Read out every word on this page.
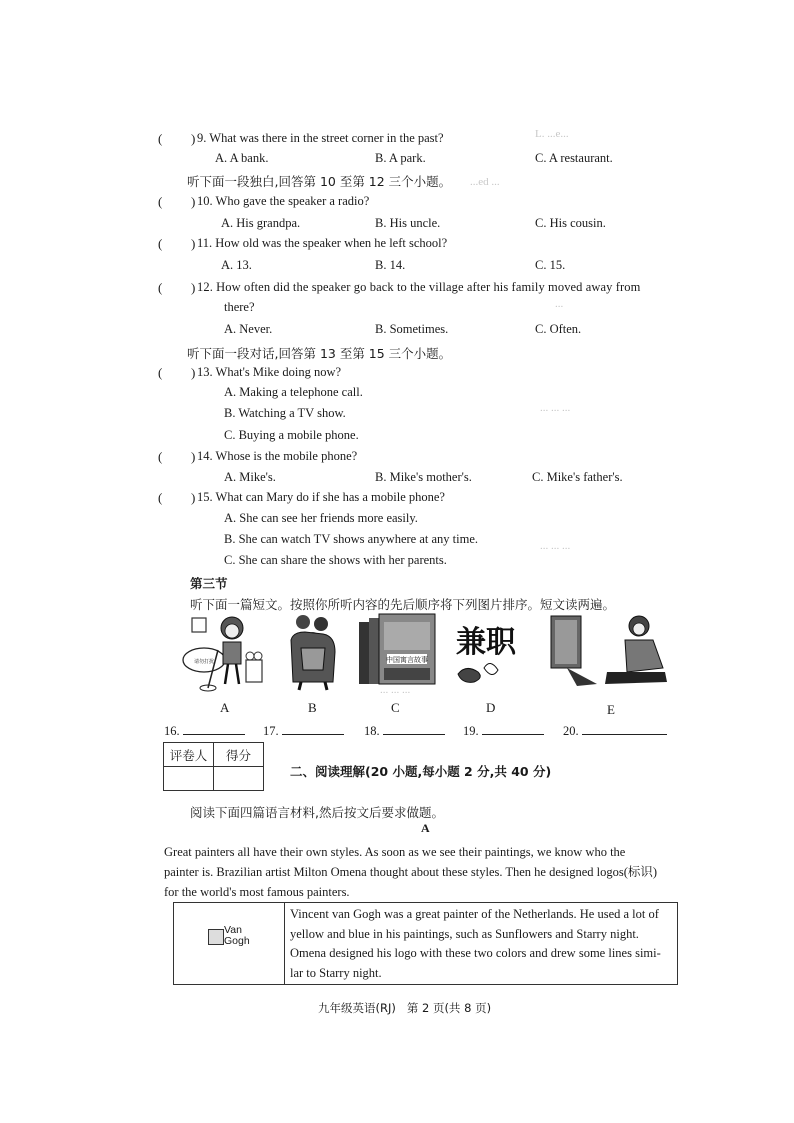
L. ...e...
...ed ...
...
... ... ...
... ... ...
... ... ...
( ) 9. What was there in the street corner in the past?
A. A bank.	B. A park.	C. A restaurant.
听下面一段独白,回答第 10 至第 12 三个小题。
( ) 10. Who gave the speaker a radio?
A. His grandpa.	B. His uncle.	C. His cousin.
( ) 11. How old was the speaker when he left school?
A. 13.	B. 14.	C. 15.
( ) 12. How often did the speaker go back to the village after his family moved away from
there?
A. Never.	B. Sometimes.	C. Often.
听下面一段对话,回答第 13 至第 15 三个小题。
( ) 13. What's Mike doing now?
A. Making a telephone call.
B. Watching a TV show.
C. Buying a mobile phone.
( ) 14. Whose is the mobile phone?
A. Mike's.	B. Mike's mother's.	C. Mike's father's.
( ) 15. What can Mary do if she has a mobile phone?
A. She can see her friends more easily.
B. She can watch TV shows anywhere at any time.
C. She can share the shows with her parents.
第三节
听下面一篇短文。按照你所听内容的先后顺序将下列图片排序。短文读两遍。
请勿打扰
A	B
中国寓言故事
C
兼职
D	E
16.	17.	18.	19.	20.
评卷人	得分

二、阅读理解(20 小题,每小题 2 分,共 40 分)
阅读下面四篇语言材料,然后按文后要求做题。
A
Great painters all have their own styles. As soon as we see their paintings, we know who the
painter is. Brazilian artist Milton Omena thought about these styles. Then he designed logos(标识)
for the world's most famous painters.
Van
Gogh
Vincent van Gogh was a great painter of the Netherlands. He used a lot of
yellow and blue in his paintings, such as Sunflowers and Starry night.
Omena designed his logo with these two colors and drew some lines simi-
lar to Starry night.
九年级英语(RJ)   第 2 页(共 8 页)
